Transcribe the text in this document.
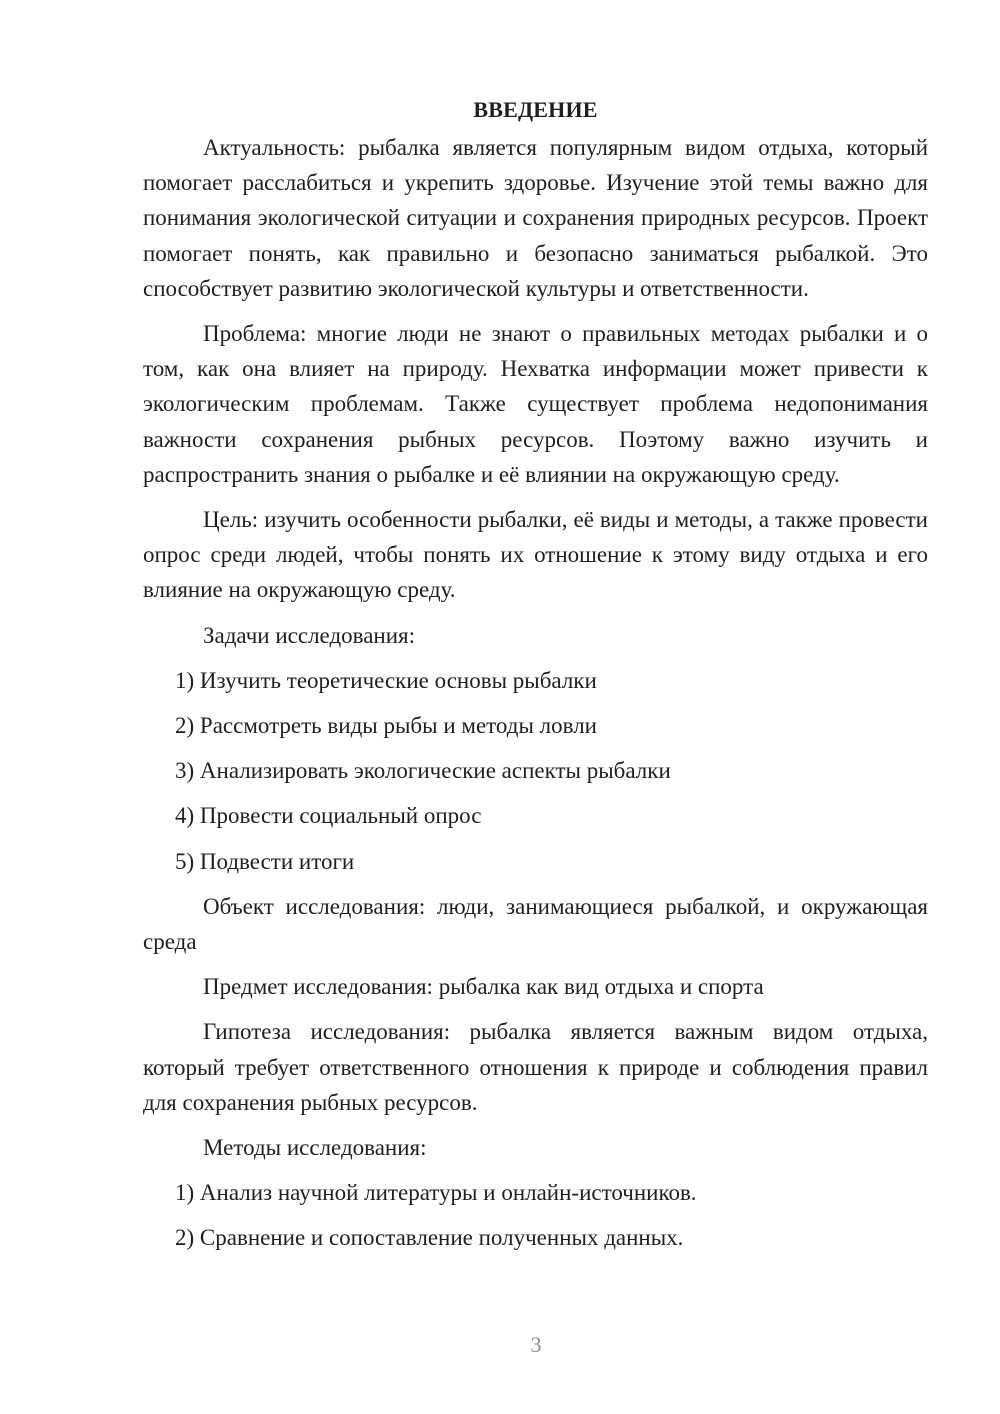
ВВЕДЕНИЕ

Актуальность: рыбалка является популярным видом отдыха, который помогает расслабиться и укрепить здоровье. Изучение этой темы важно для понимания экологической ситуации и сохранения природных ресурсов. Проект помогает понять, как правильно и безопасно заниматься рыбалкой. Это способствует развитию экологической культуры и ответственности.

Проблема: многие люди не знают о правильных методах рыбалки и о том, как она влияет на природу. Нехватка информации может привести к экологическим проблемам. Также существует проблема недопонимания важности сохранения рыбных ресурсов. Поэтому важно изучить и распространить знания о рыбалке и её влиянии на окружающую среду.

Цель: изучить особенности рыбалки, её виды и методы, а также провести опрос среди людей, чтобы понять их отношение к этому виду отдыха и его влияние на окружающую среду.

Задачи исследования:

1) Изучить теоретические основы рыбалки
2) Рассмотреть виды рыбы и методы ловли
3) Анализировать экологические аспекты рыбалки
4) Провести социальный опрос
5) Подвести итоги

Объект исследования: люди, занимающиеся рыбалкой, и окружающая среда

Предмет исследования: рыбалка как вид отдыха и спорта

Гипотеза исследования: рыбалка является важным видом отдыха, который требует ответственного отношения к природе и соблюдения правил для сохранения рыбных ресурсов.

Методы исследования:

1) Анализ научной литературы и онлайн-источников.
2) Сравнение и сопоставление полученных данных.
3
